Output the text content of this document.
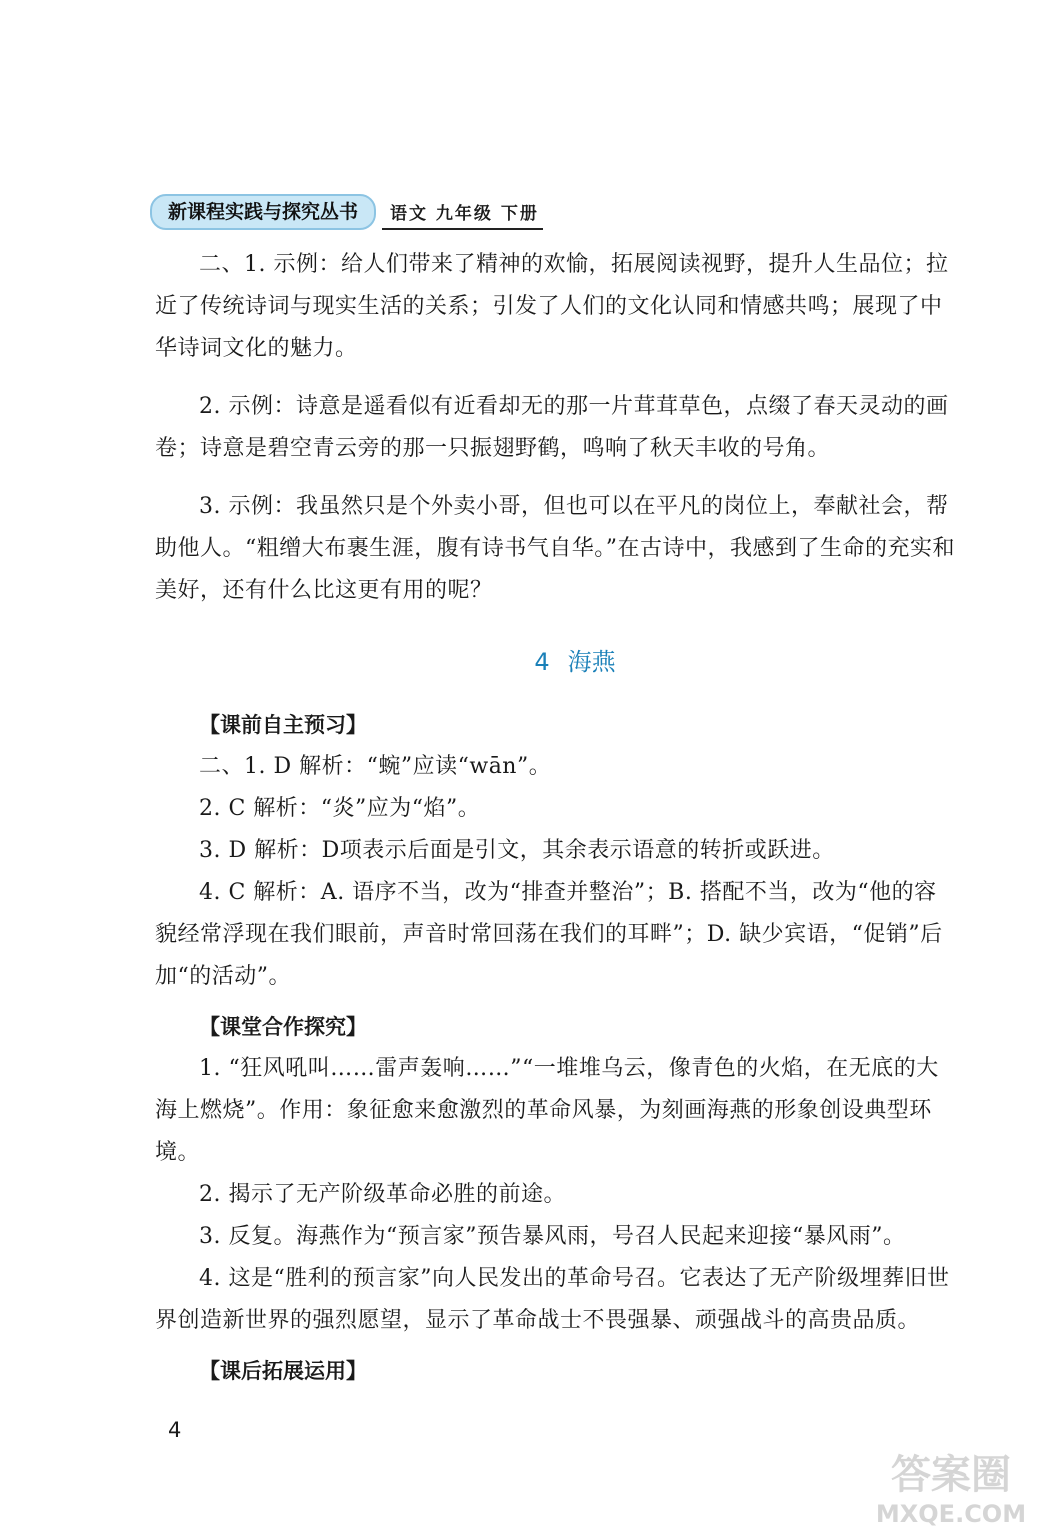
新课程实践与探究丛书	语文 九年级 下册

二、1. 示例：给人们带来了精神的欢愉，拓展阅读视野，提升人生品位；拉近了传统诗词与现实生活的关系；引发了人们的文化认同和情感共鸣；展现了中华诗词文化的魅力。

2. 示例：诗意是遥看似有近看却无的那一片茸茸草色，点缀了春天灵动的画卷；诗意是碧空青云旁的那一只振翅野鹤，鸣响了秋天丰收的号角。

3. 示例：我虽然只是个外卖小哥，但也可以在平凡的岗位上，奉献社会，帮助他人。“粗缯大布裹生涯，腹有诗书气自华。”在古诗中，我感到了生命的充实和美好，还有什么比这更有用的呢？

4 海燕
【课前自主预习】

二、1. D 解析：“蜿”应读“wān”。

2. C 解析：“炎”应为“焰”。

3. D 解析：D项表示后面是引文，其余表示语意的转折或跃进。

4. C 解析：A. 语序不当，改为“排查并整治”；B. 搭配不当，改为“他的容貌经常浮现在我们眼前，声音时常回荡在我们的耳畔”；D. 缺少宾语，“促销”后加“的活动”。

【课堂合作探究】

1. “狂风吼叫……雷声轰响……”“一堆堆乌云，像青色的火焰，在无底的大海上燃烧”。作用：象征愈来愈激烈的革命风暴，为刻画海燕的形象创设典型环境。

2. 揭示了无产阶级革命必胜的前途。

3. 反复。海燕作为“预言家”预告暴风雨，号召人民起来迎接“暴风雨”。

4. 这是“胜利的预言家”向人民发出的革命号召。它表达了无产阶级埋葬旧世界创造新世界的强烈愿望，显示了革命战士不畏强暴、顽强战斗的高贵品质。

【课后拓展运用】
4
答案圈
MXQE.COM
